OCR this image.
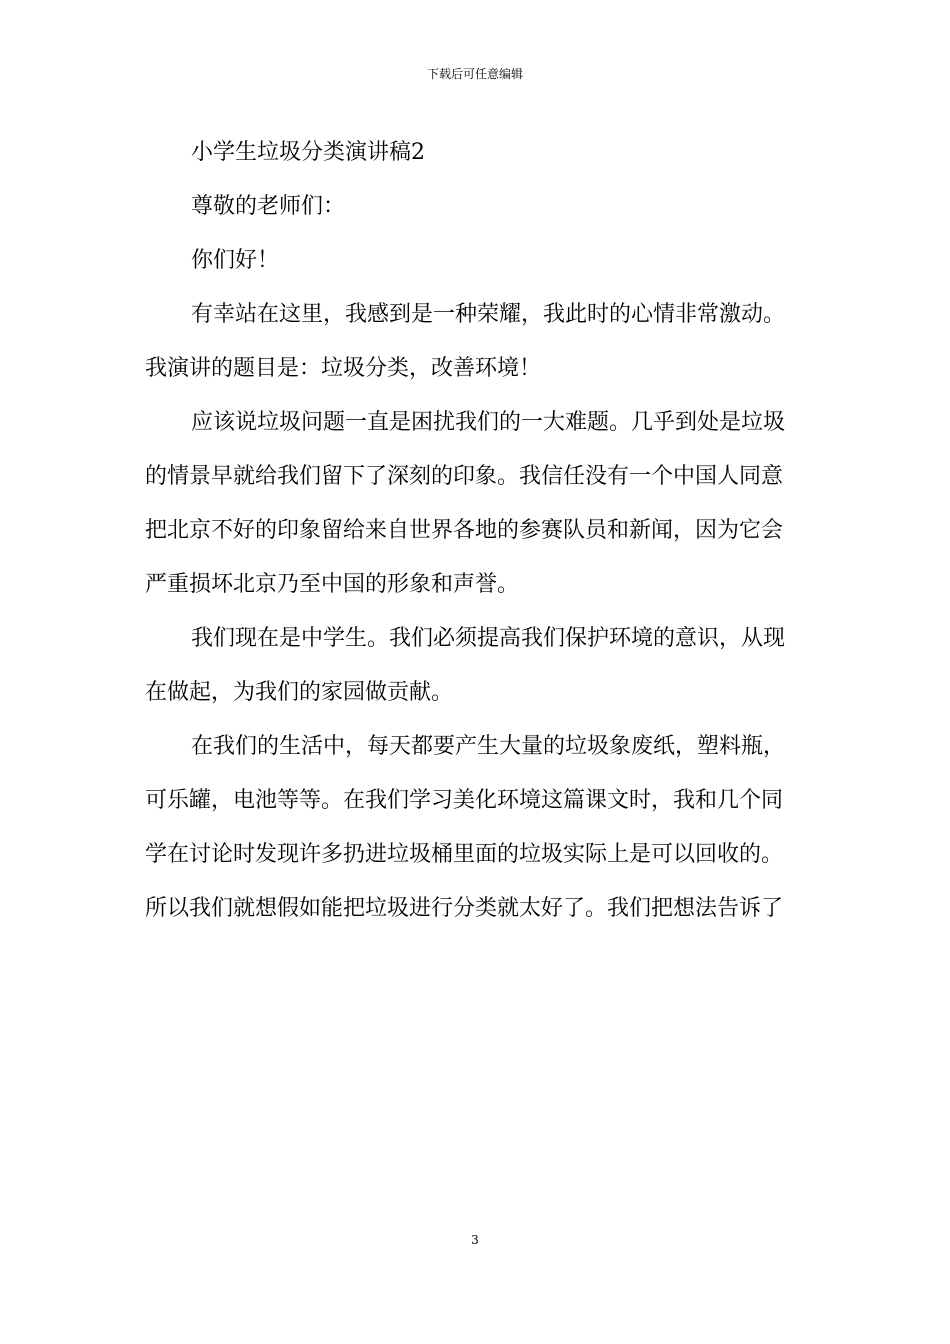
下载后可任意编辑
小学生垃圾分类演讲稿2
尊敬的老师们：
你们好！
有幸站在这里，我感到是一种荣耀，我此时的心情非常激动。
我演讲的题目是：垃圾分类，改善环境！
应该说垃圾问题一直是困扰我们的一大难题。几乎到处是垃圾
的情景早就给我们留下了深刻的印象。我信任没有一个中国人同意
把北京不好的印象留给来自世界各地的参赛队员和新闻，因为它会
严重损坏北京乃至中国的形象和声誉。
我们现在是中学生。我们必须提高我们保护环境的意识，从现
在做起，为我们的家园做贡献。
在我们的生活中，每天都要产生大量的垃圾象废纸，塑料瓶，
可乐罐，电池等等。在我们学习美化环境这篇课文时，我和几个同
学在讨论时发现许多扔进垃圾桶里面的垃圾实际上是可以回收的。
所以我们就想假如能把垃圾进行分类就太好了。我们把想法告诉了
3
